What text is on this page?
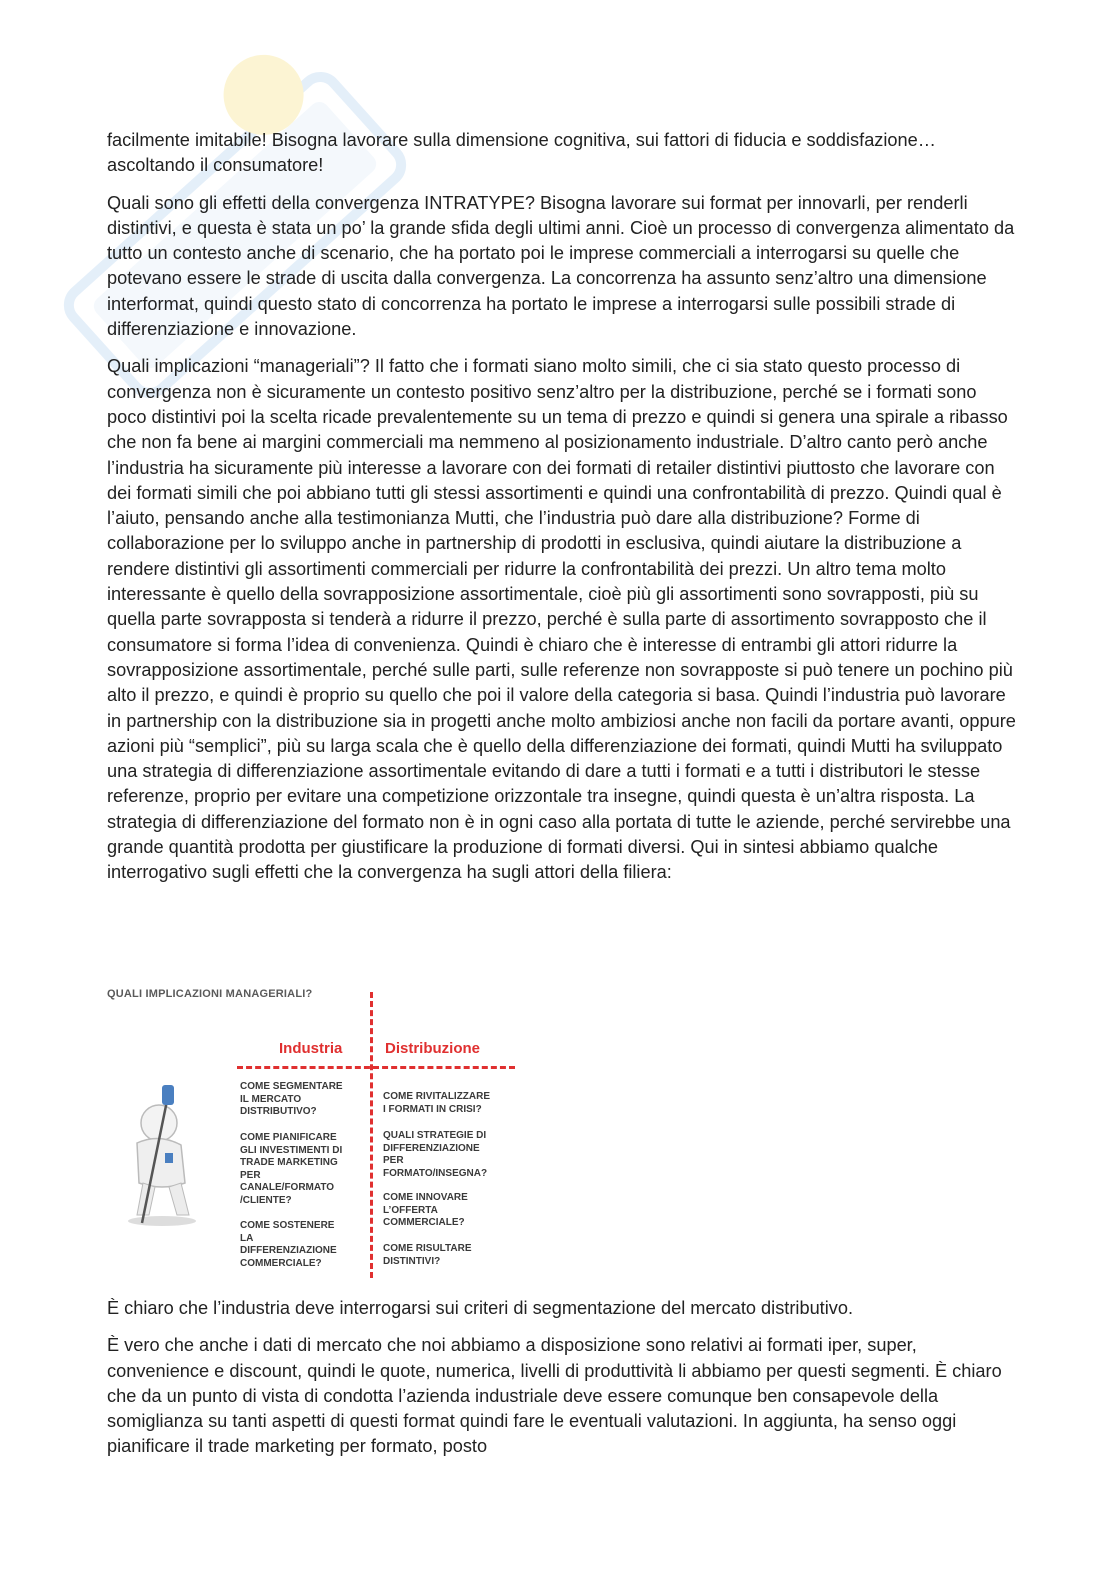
facilmente imitabile! Bisogna lavorare sulla dimensione cognitiva, sui fattori di fiducia e soddisfazione…ascoltando il consumatore!

Quali sono gli effetti della convergenza INTRATYPE? Bisogna lavorare sui format per innovarli, per renderli distintivi, e questa è stata un po’ la grande sfida degli ultimi anni. Cioè un processo di convergenza alimentato da tutto un contesto anche di scenario, che ha portato poi le imprese commerciali a interrogarsi su quelle che potevano essere le strade di uscita dalla convergenza. La concorrenza ha assunto senz’altro una dimensione interformat, quindi questo stato di concorrenza ha portato le imprese a interrogarsi sulle possibili strade di differenziazione e innovazione.

Quali implicazioni “manageriali”? Il fatto che i formati siano molto simili, che ci sia stato questo processo di convergenza non è sicuramente un contesto positivo senz’altro per la distribuzione, perché se i formati sono poco distintivi poi la scelta ricade prevalentemente su un tema di prezzo e quindi si genera una spirale a ribasso che non fa bene ai margini commerciali ma nemmeno al posizionamento industriale. D’altro canto però anche l’industria ha sicuramente più interesse a lavorare con dei formati di retailer distintivi piuttosto che lavorare con dei formati simili che poi abbiano tutti gli stessi assortimenti e quindi una confrontabilità di prezzo. Quindi qual è l’aiuto, pensando anche alla testimonianza Mutti, che l’industria può dare alla distribuzione? Forme di collaborazione per lo sviluppo anche in partnership di prodotti in esclusiva, quindi aiutare la distribuzione a rendere distintivi gli assortimenti commerciali per ridurre la confrontabilità dei prezzi. Un altro tema molto interessante è quello della sovrapposizione assortimentale, cioè più gli assortimenti sono sovrapposti, più su quella parte sovrapposta si tenderà a ridurre il prezzo, perché è sulla parte di assortimento sovrapposto che il consumatore si forma l’idea di convenienza. Quindi è chiaro che è interesse di entrambi gli attori ridurre la sovrapposizione assortimentale, perché sulle parti, sulle referenze non sovrapposte si può tenere un pochino più alto il prezzo, e quindi è proprio su quello che poi il valore della categoria si basa. Quindi l’industria può lavorare in partnership con la distribuzione sia in progetti anche molto ambiziosi anche non facili da portare avanti, oppure azioni più “semplici”, più su larga scala che è quello della differenziazione dei formati, quindi Mutti ha sviluppato una strategia di differenziazione assortimentale evitando di dare a tutti i formati e a tutti i distributori le stesse referenze, proprio per evitare una competizione orizzontale tra insegne, quindi questa è un’altra risposta. La strategia di differenziazione del formato non è in ogni caso alla portata di tutte le aziende, perché servirebbe una grande quantità prodotta per giustificare la produzione di formati diversi. Qui in sintesi abbiamo qualche interrogativo sugli effetti che la convergenza ha sugli attori della filiera:

QUALI IMPLICAZIONI MANAGERIALI?
Industria	Distribuzione
COME SEGMENTARE
IL MERCATO
DISTRIBUTIVO?
COME PIANIFICARE
GLI INVESTIMENTI DI
TRADE MARKETING
PER
CANALE/FORMATO
/CLIENTE?
COME SOSTENERE
LA
DIFFERENZIAZIONE
COMMERCIALE?
COME RIVITALIZZARE
I FORMATI IN CRISI?
QUALI STRATEGIE DI
DIFFERENZIAZIONE
PER
FORMATO/INSEGNA?
COME INNOVARE
L’OFFERTA
COMMERCIALE?
COME RISULTARE
DISTINTIVI?

È chiaro che l’industria deve interrogarsi sui criteri di segmentazione del mercato distributivo.

È vero che anche i dati di mercato che noi abbiamo a disposizione sono relativi ai formati iper, super, convenience e discount, quindi le quote, numerica, livelli di produttività li abbiamo per questi segmenti. È chiaro che da un punto di vista di condotta l’azienda industriale deve essere comunque ben consapevole della somiglianza su tanti aspetti di questi format quindi fare le eventuali valutazioni. In aggiunta, ha senso oggi pianificare il trade marketing per formato, posto
